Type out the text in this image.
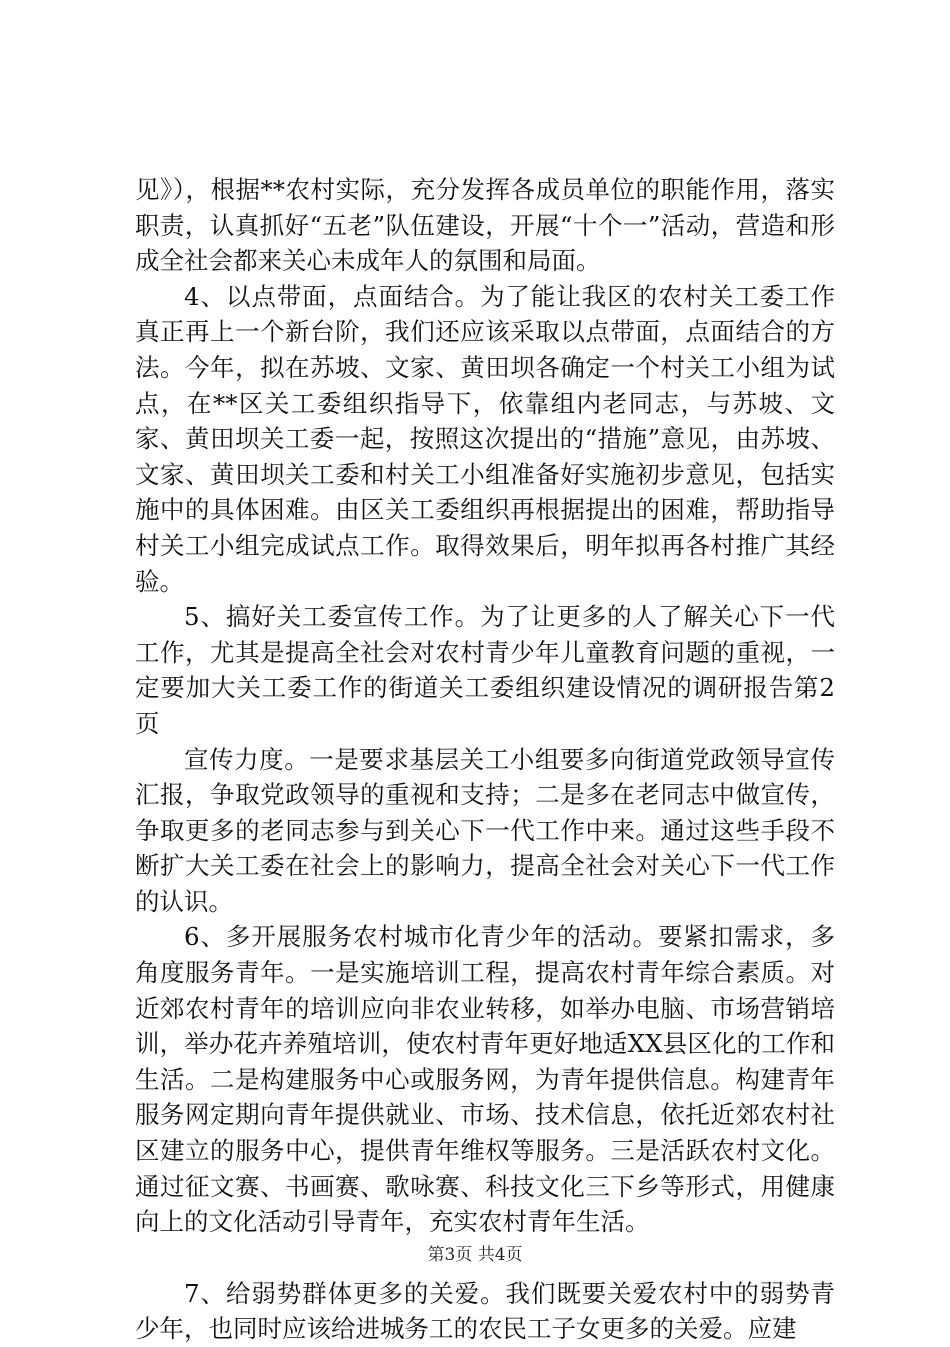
见》），根据**农村实际，充分发挥各成员单位的职能作用，落实职责，认真抓好“五老”队伍建设，开展“十个一”活动，营造和形成全社会都来关心未成年人的氛围和局面。

4、以点带面，点面结合。为了能让我区的农村关工委工作真正再上一个新台阶，我们还应该采取以点带面，点面结合的方法。今年，拟在苏坡、文家、黄田坝各确定一个村关工小组为试点，在**区关工委组织指导下，依靠组内老同志，与苏坡、文家、黄田坝关工委一起，按照这次提出的“措施”意见，由苏坡、文家、黄田坝关工委和村关工小组准备好实施初步意见，包括实施中的具体困难。由区关工委组织再根据提出的困难，帮助指导村关工小组完成试点工作。取得效果后，明年拟再各村推广其经验。

5、搞好关工委宣传工作。为了让更多的人了解关心下一代工作，尤其是提高全社会对农村青少年儿童教育问题的重视，一定要加大关工委工作的街道关工委组织建设情况的调研报告第2页

宣传力度。一是要求基层关工小组要多向街道党政领导宣传汇报，争取党政领导的重视和支持；二是多在老同志中做宣传，争取更多的老同志参与到关心下一代工作中来。通过这些手段不断扩大关工委在社会上的影响力，提高全社会对关心下一代工作的认识。

6、多开展服务农村城市化青少年的活动。要紧扣需求，多角度服务青年。一是实施培训工程，提高农村青年综合素质。对近郊农村青年的培训应向非农业转移，如举办电脑、市场营销培训，举办花卉养殖培训，使农村青年更好地适XX县区化的工作和生活。二是构建服务中心或服务网，为青年提供信息。构建青年服务网定期向青年提供就业、市场、技术信息，依托近郊农村社区建立的服务中心，提供青年维权等服务。三是活跃农村文化。通过征文赛、书画赛、歌咏赛、科技文化三下乡等形式，用健康向上的文化活动引导青年，充实农村青年生活。

7、给弱势群体更多的关爱。我们既要关爱农村中的弱势青少年，也同时应该给进城务工的农民工子女更多的关爱。应建

第3页 共4页
